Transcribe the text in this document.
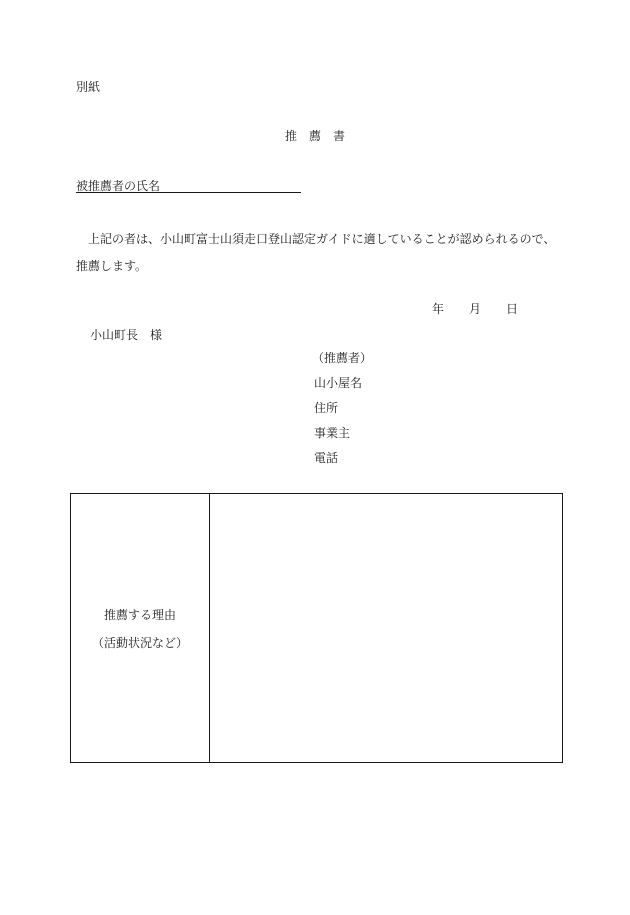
別紙
推　薦　書
被推薦者の氏名
上記の者は、小山町富士山須走口登山認定ガイドに適していることが認められるので、
推薦します。
年 月 日
小山町長　様
（推薦者）
山小屋名
住所
事業主
電話
推薦する理由
（活動状況など）
